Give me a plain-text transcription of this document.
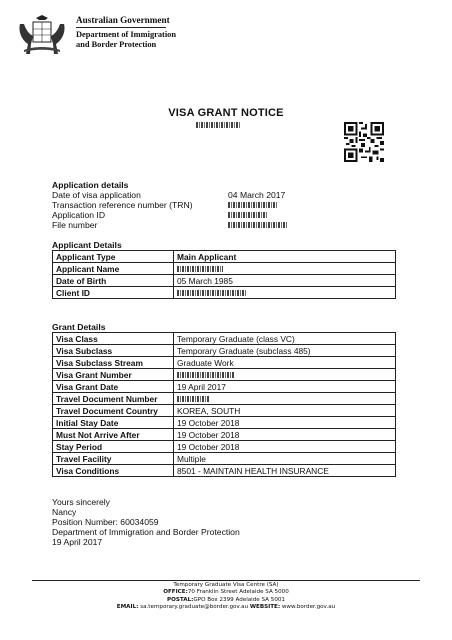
Australian Government
Department of Immigration
and Border Protection
VISA GRANT NOTICE
Application details
Date of visa application	04 March 2017
Transaction reference number (TRN)
Application ID
File number
Applicant Details
Applicant Type	Main Applicant
Applicant Name	
Date of Birth	05 March 1985
Client ID	
Grant Details
Visa Class	Temporary Graduate (class VC)
Visa Subclass	Temporary Graduate (subclass 485)
Visa Subclass Stream	Graduate Work
Visa Grant Number	
Visa Grant Date	19 April 2017
Travel Document Number	
Travel Document Country	KOREA, SOUTH
Initial Stay Date	19 October 2018
Must Not Arrive After	19 October 2018
Stay Period	19 October 2018
Travel Facility	Multiple
Visa Conditions	8501 - MAINTAIN HEALTH INSURANCE
Yours sincerely
Nancy
Position Number: 60034059
Department of Immigration and Border Protection
19 April 2017
Temporary Graduate Visa Centre (SA)
OFFICE:70 Franklin Street Adelaide SA 5000
POSTAL:GPO Box 2399 Adelaide SA 5001
EMAIL: sa.temporary.graduate@border.gov.au WEBSITE: www.border.gov.au
